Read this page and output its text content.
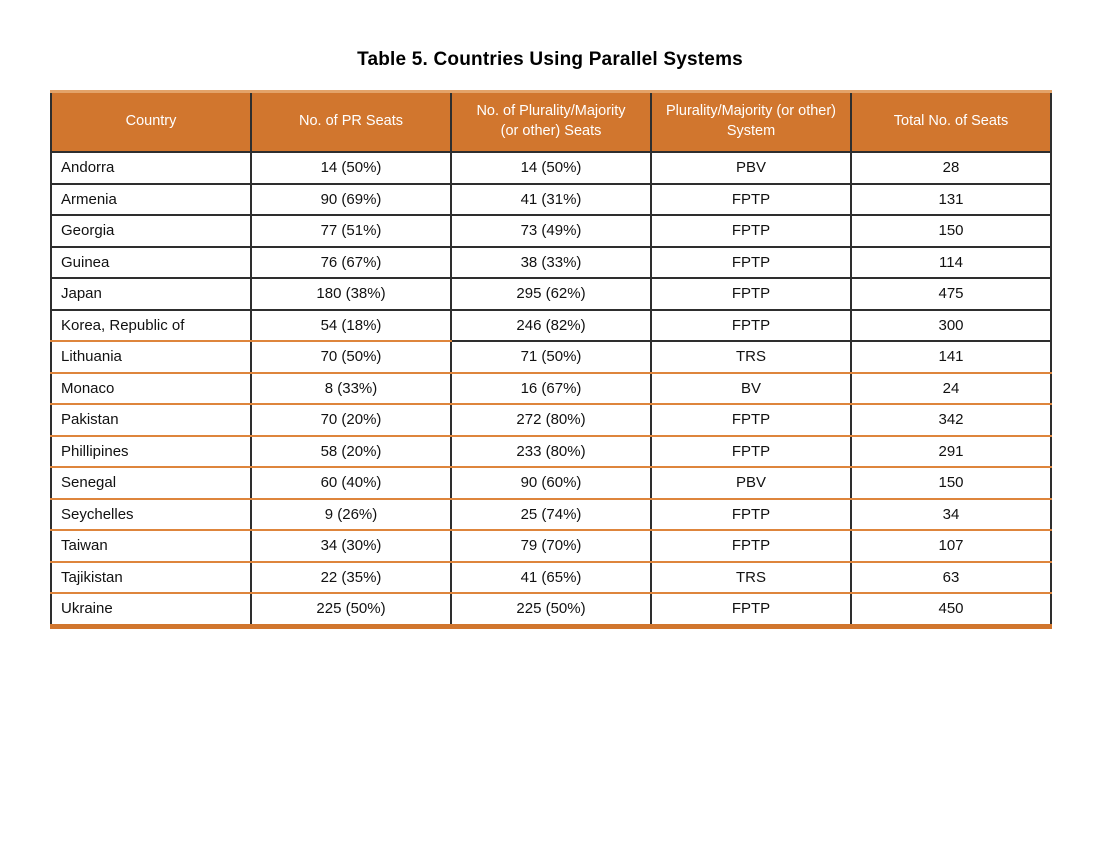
Table 5. Countries Using Parallel Systems
Country	No. of PR Seats	No. of Plurality/Majority (or other) Seats	Plurality/Majority (or other) System	Total No. of Seats
Andorra	14 (50%)	14 (50%)	PBV	28
Armenia	90 (69%)	41 (31%)	FPTP	131
Georgia	77 (51%)	73 (49%)	FPTP	150
Guinea	76 (67%)	38 (33%)	FPTP	114
Japan	180 (38%)	295 (62%)	FPTP	475
Korea, Republic of	54 (18%)	246 (82%)	FPTP	300
Lithuania	70 (50%)	71 (50%)	TRS	141
Monaco	8 (33%)	16 (67%)	BV	24
Pakistan	70 (20%)	272 (80%)	FPTP	342
Phillipines	58 (20%)	233 (80%)	FPTP	291
Senegal	60 (40%)	90 (60%)	PBV	150
Seychelles	9 (26%)	25 (74%)	FPTP	34
Taiwan	34 (30%)	79 (70%)	FPTP	107
Tajikistan	22 (35%)	41 (65%)	TRS	63
Ukraine	225 (50%)	225 (50%)	FPTP	450
